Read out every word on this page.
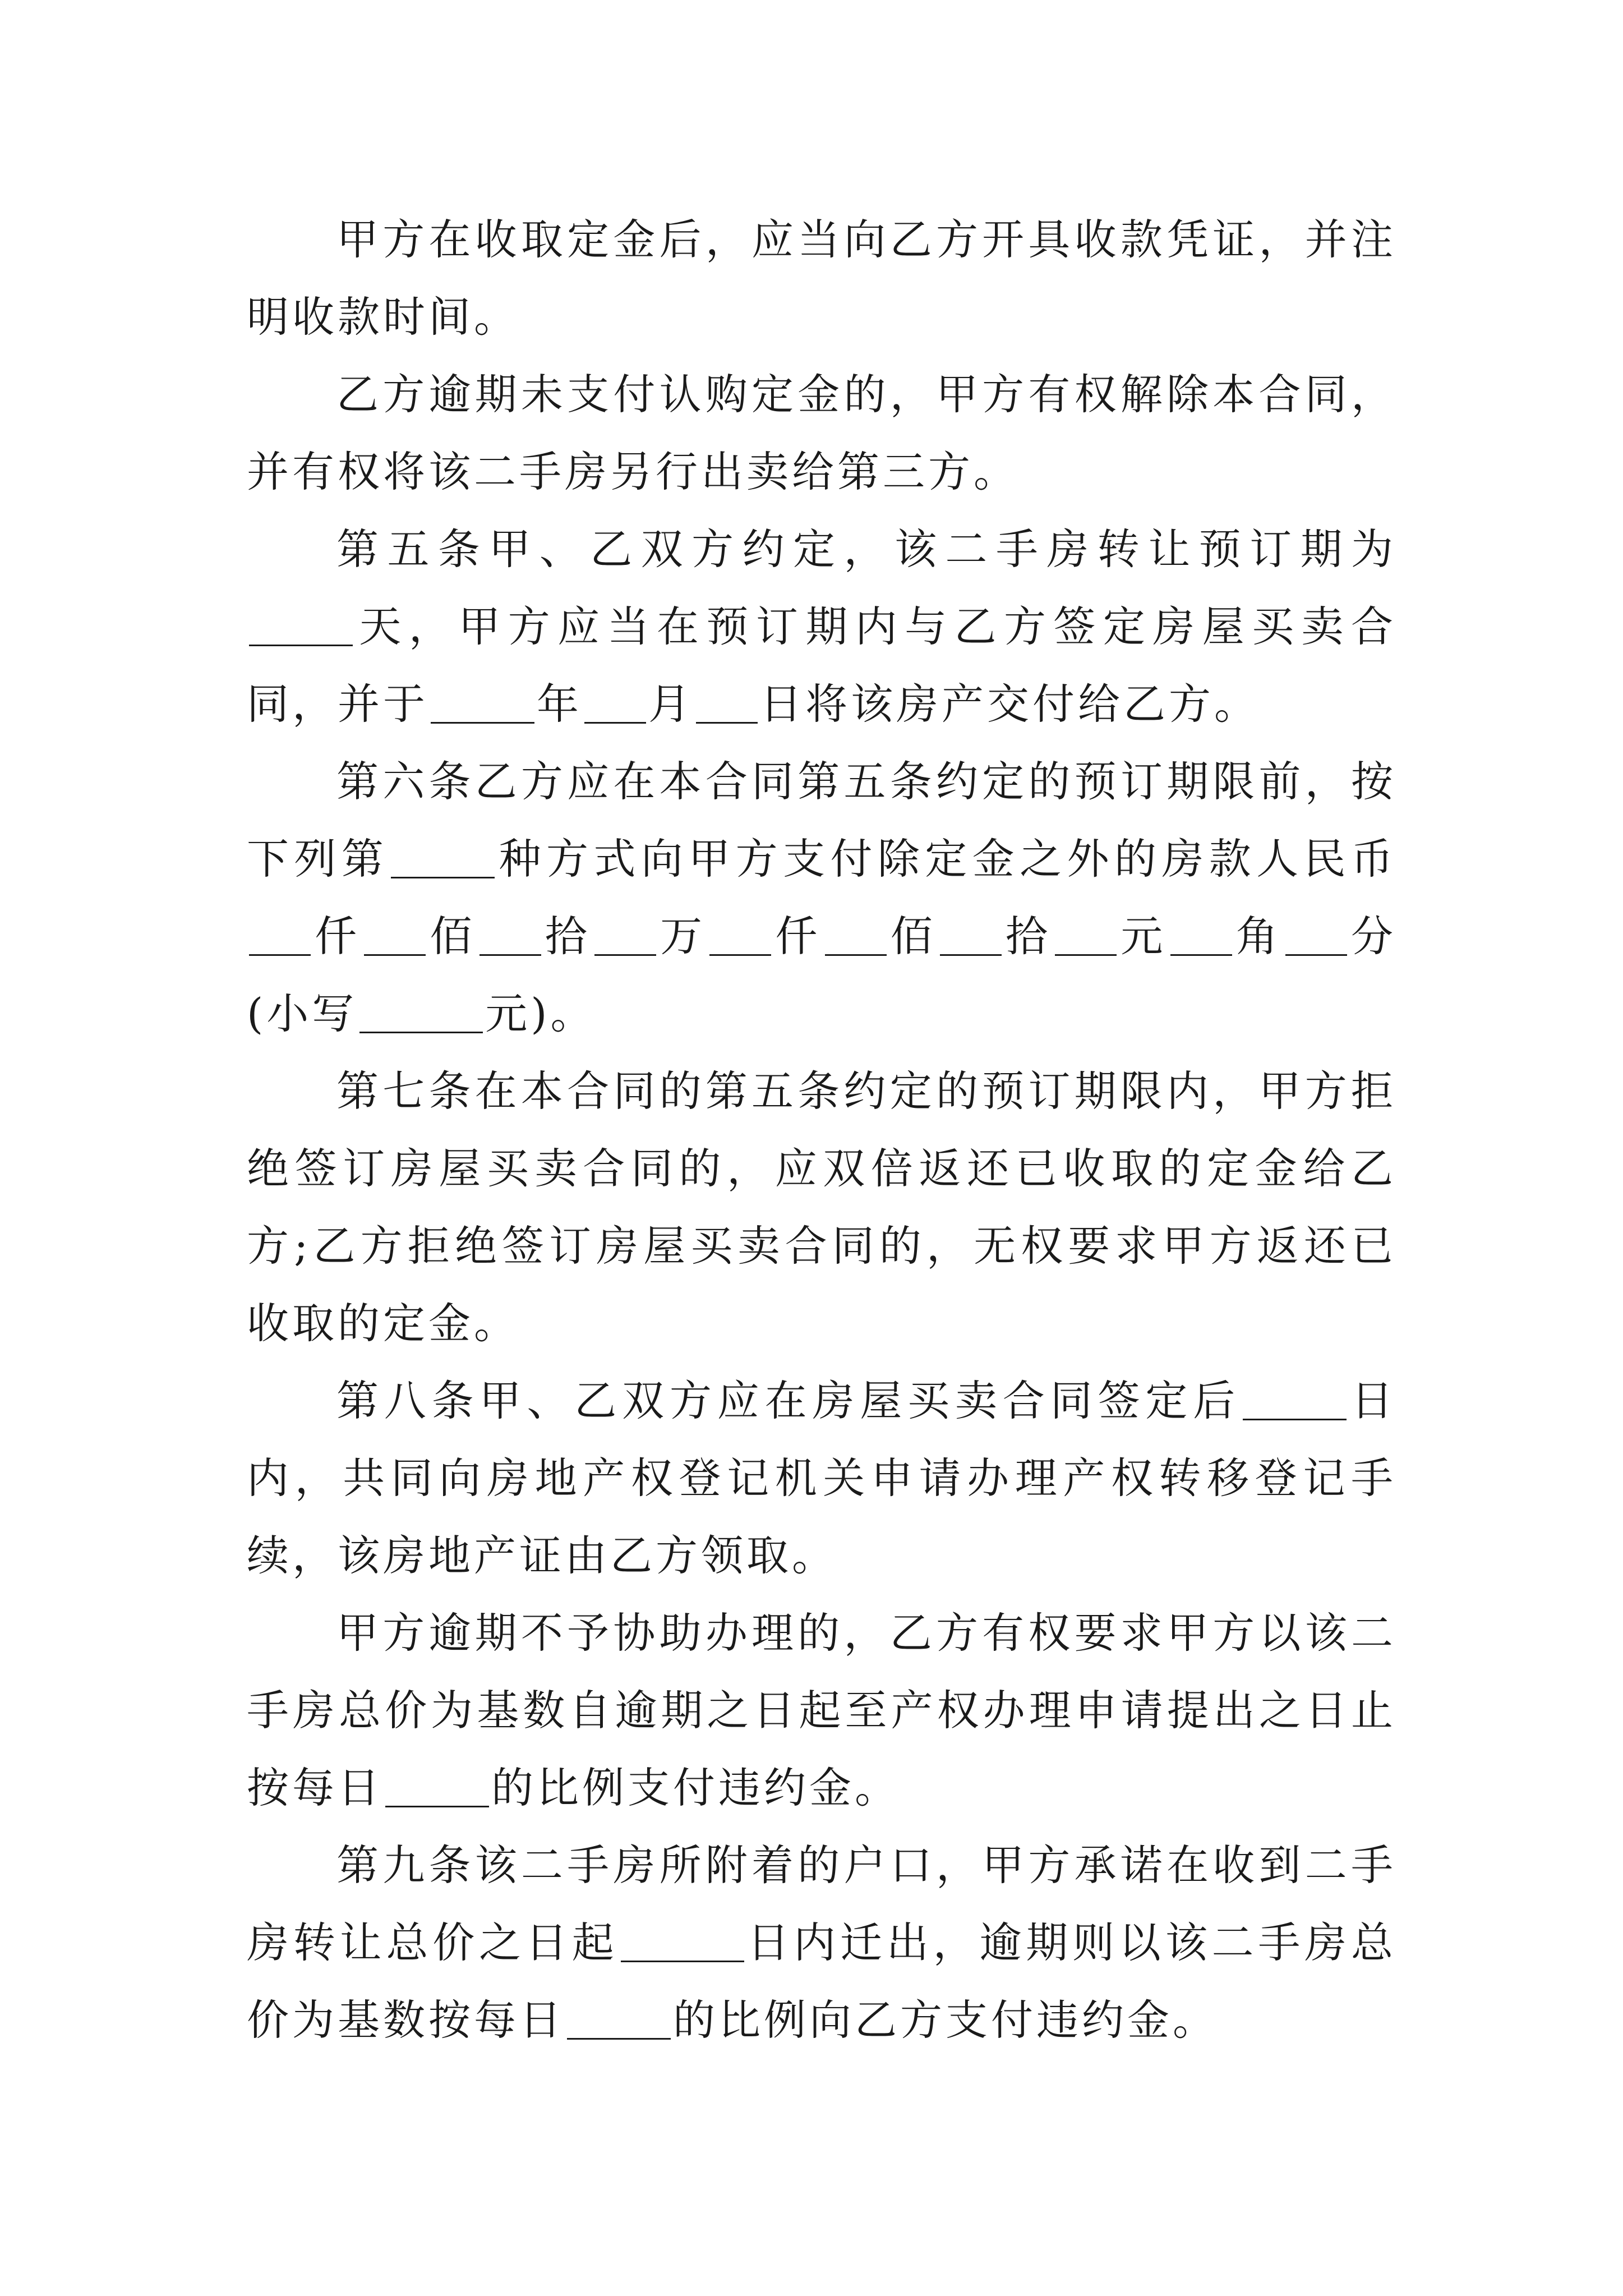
甲方在收取定金后，应当向乙方开具收款凭证，并注明收款时间。

乙方逾期未支付认购定金的，甲方有权解除本合同，并有权将该二手房另行出卖给第三方。

第五条甲、乙双方约定，该二手房转让预订期为天，甲方应当在预订期内与乙方签定房屋买卖合同，并于	年 月 日将该房产交付给乙方。

第六条乙方应在本合同第五条约定的预订期限前，按下列第	种方式向甲方支付除定金之外的房款人民币仟 佰 拾 万 仟 佰 拾 元 角 分(小写	元)。

第七条在本合同的第五条约定的预订期限内，甲方拒绝签订房屋买卖合同的，应双倍返还已收取的定金给乙方;乙方拒绝签订房屋买卖合同的，无权要求甲方返还已收取的定金。

第八条甲、乙双方应在房屋买卖合同签定后	日内，共同向房地产权登记机关申请办理产权转移登记手续，该房地产证由乙方领取。

甲方逾期不予协助办理的，乙方有权要求甲方以该二手房总价为基数自逾期之日起至产权办理申请提出之日止按每日	的比例支付违约金。

第九条该二手房所附着的户口，甲方承诺在收到二手房转让总价之日起	日内迁出，逾期则以该二手房总价为基数按每日	的比例向乙方支付违约金。
